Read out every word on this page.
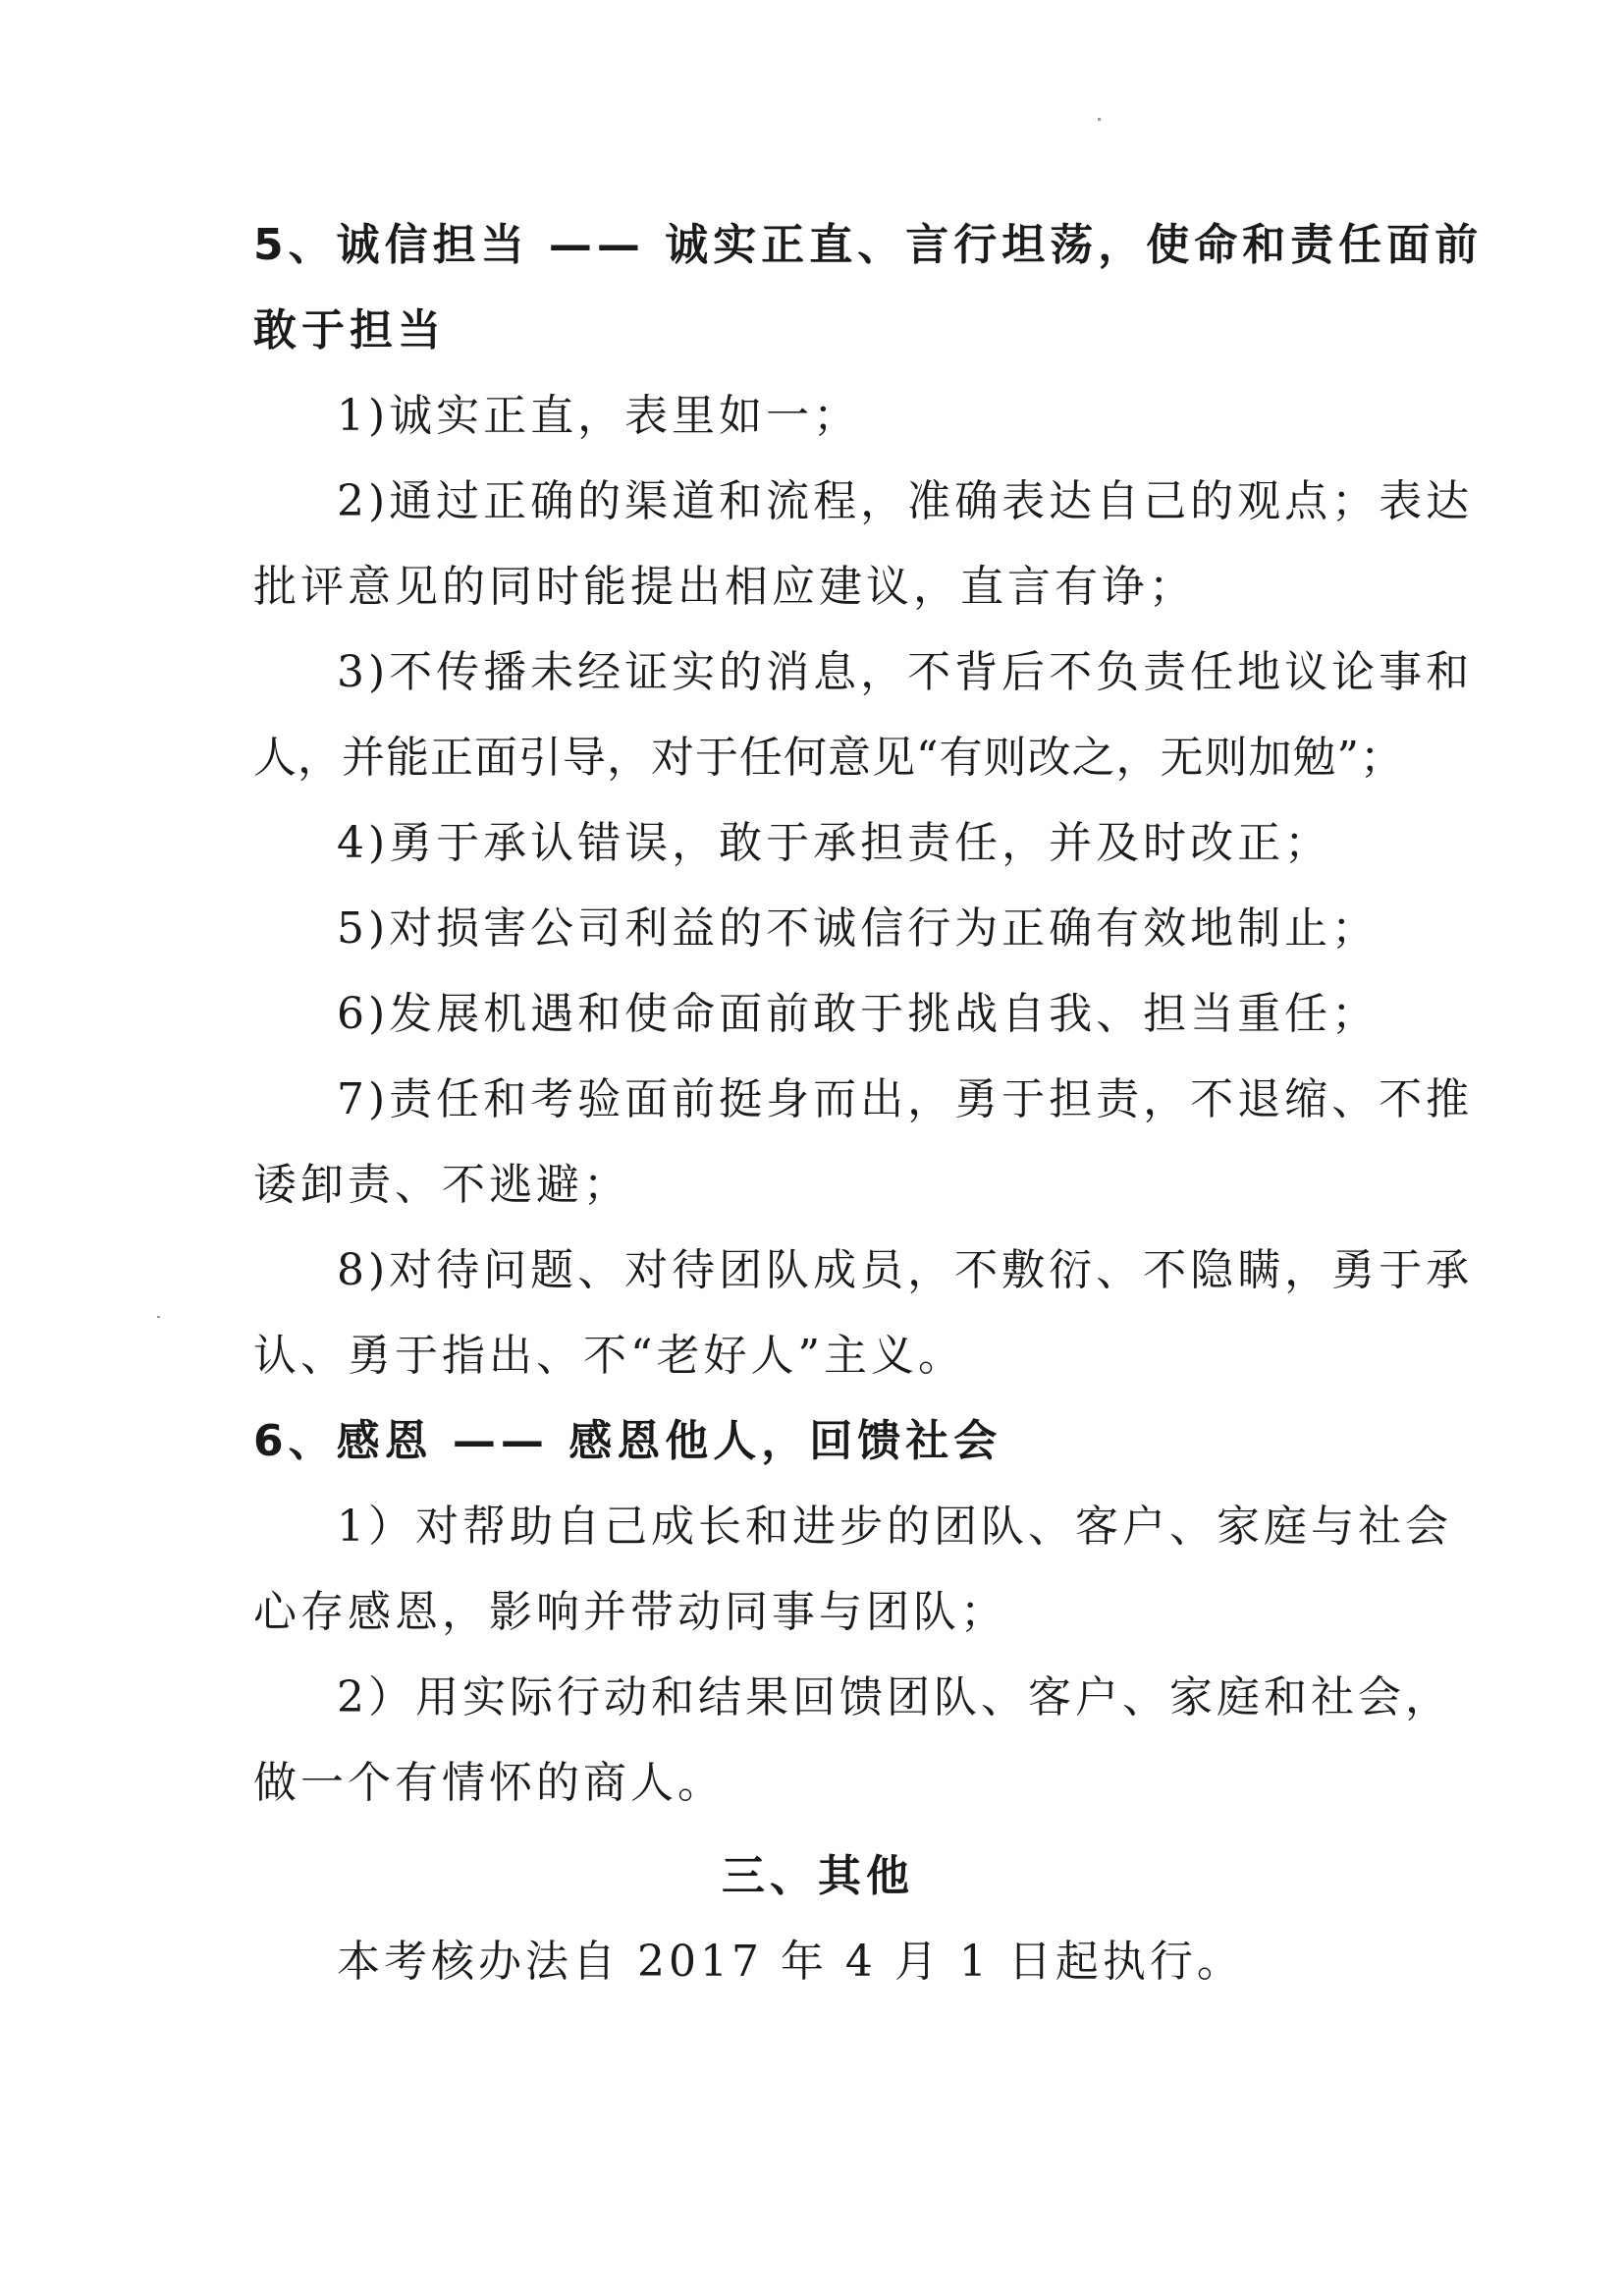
5、诚信担当 —— 诚实正直、言行坦荡，使命和责任面前
敢于担当
1)诚实正直，表里如一；
2)通过正确的渠道和流程，准确表达自己的观点；表达
批评意见的同时能提出相应建议，直言有诤；
3)不传播未经证实的消息，不背后不负责任地议论事和
人，并能正面引导，对于任何意见“有则改之，无则加勉”；
4)勇于承认错误，敢于承担责任，并及时改正；
5)对损害公司利益的不诚信行为正确有效地制止；
6)发展机遇和使命面前敢于挑战自我、担当重任；
7)责任和考验面前挺身而出，勇于担责，不退缩、不推
诿卸责、不逃避；
8)对待问题、对待团队成员，不敷衍、不隐瞒，勇于承
认、勇于指出、不“老好人”主义。
6、感恩 —— 感恩他人，回馈社会
1）对帮助自己成长和进步的团队、客户、家庭与社会
心存感恩，影响并带动同事与团队；
2）用实际行动和结果回馈团队、客户、家庭和社会，
做一个有情怀的商人。
三、其他
本考核办法自 2017 年 4 月 1 日起执行。
